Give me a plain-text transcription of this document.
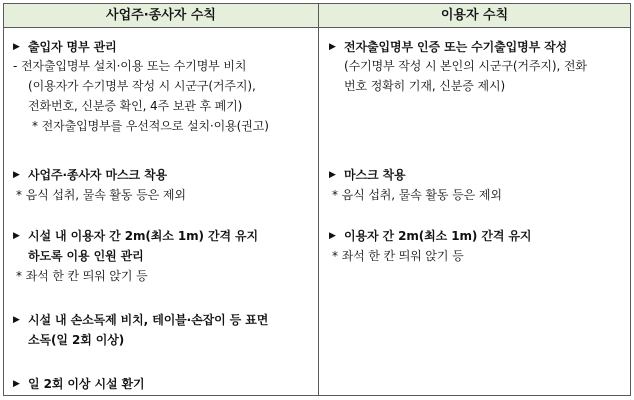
사업주·종사자 수칙	이용자 수칙
▶ 출입자 명부 관리
- 전자출입명부 설치·이용 또는 수기명부 비치
(이용자가 수기명부 작성 시 시군구(거주지),
전화번호, 신분증 확인, 4주 보관 후 폐기)
* 전자출입명부를 우선적으로 설치·이용(권고)
▶ 사업주·종사자 마스크 착용
* 음식 섭취, 물속 활동 등은 제외
▶ 시설 내 이용자 간 2m(최소 1m) 간격 유지
하도록 이용 인원 관리
* 좌석 한 칸 띄워 앉기 등
▶ 시설 내 손소독제 비치, 테이블·손잡이 등 표면
소독(일 2회 이상)
▶ 일 2회 이상 시설 환기
▶ 전자출입명부 인증 또는 수기출입명부 작성
(수기명부 작성 시 본인의 시군구(거주지), 전화
번호 정확히 기재, 신분증 제시)
▶ 마스크 착용
* 음식 섭취, 물속 활동 등은 제외
▶ 이용자 간 2m(최소 1m) 간격 유지
* 좌석 한 칸 띄워 앉기 등
